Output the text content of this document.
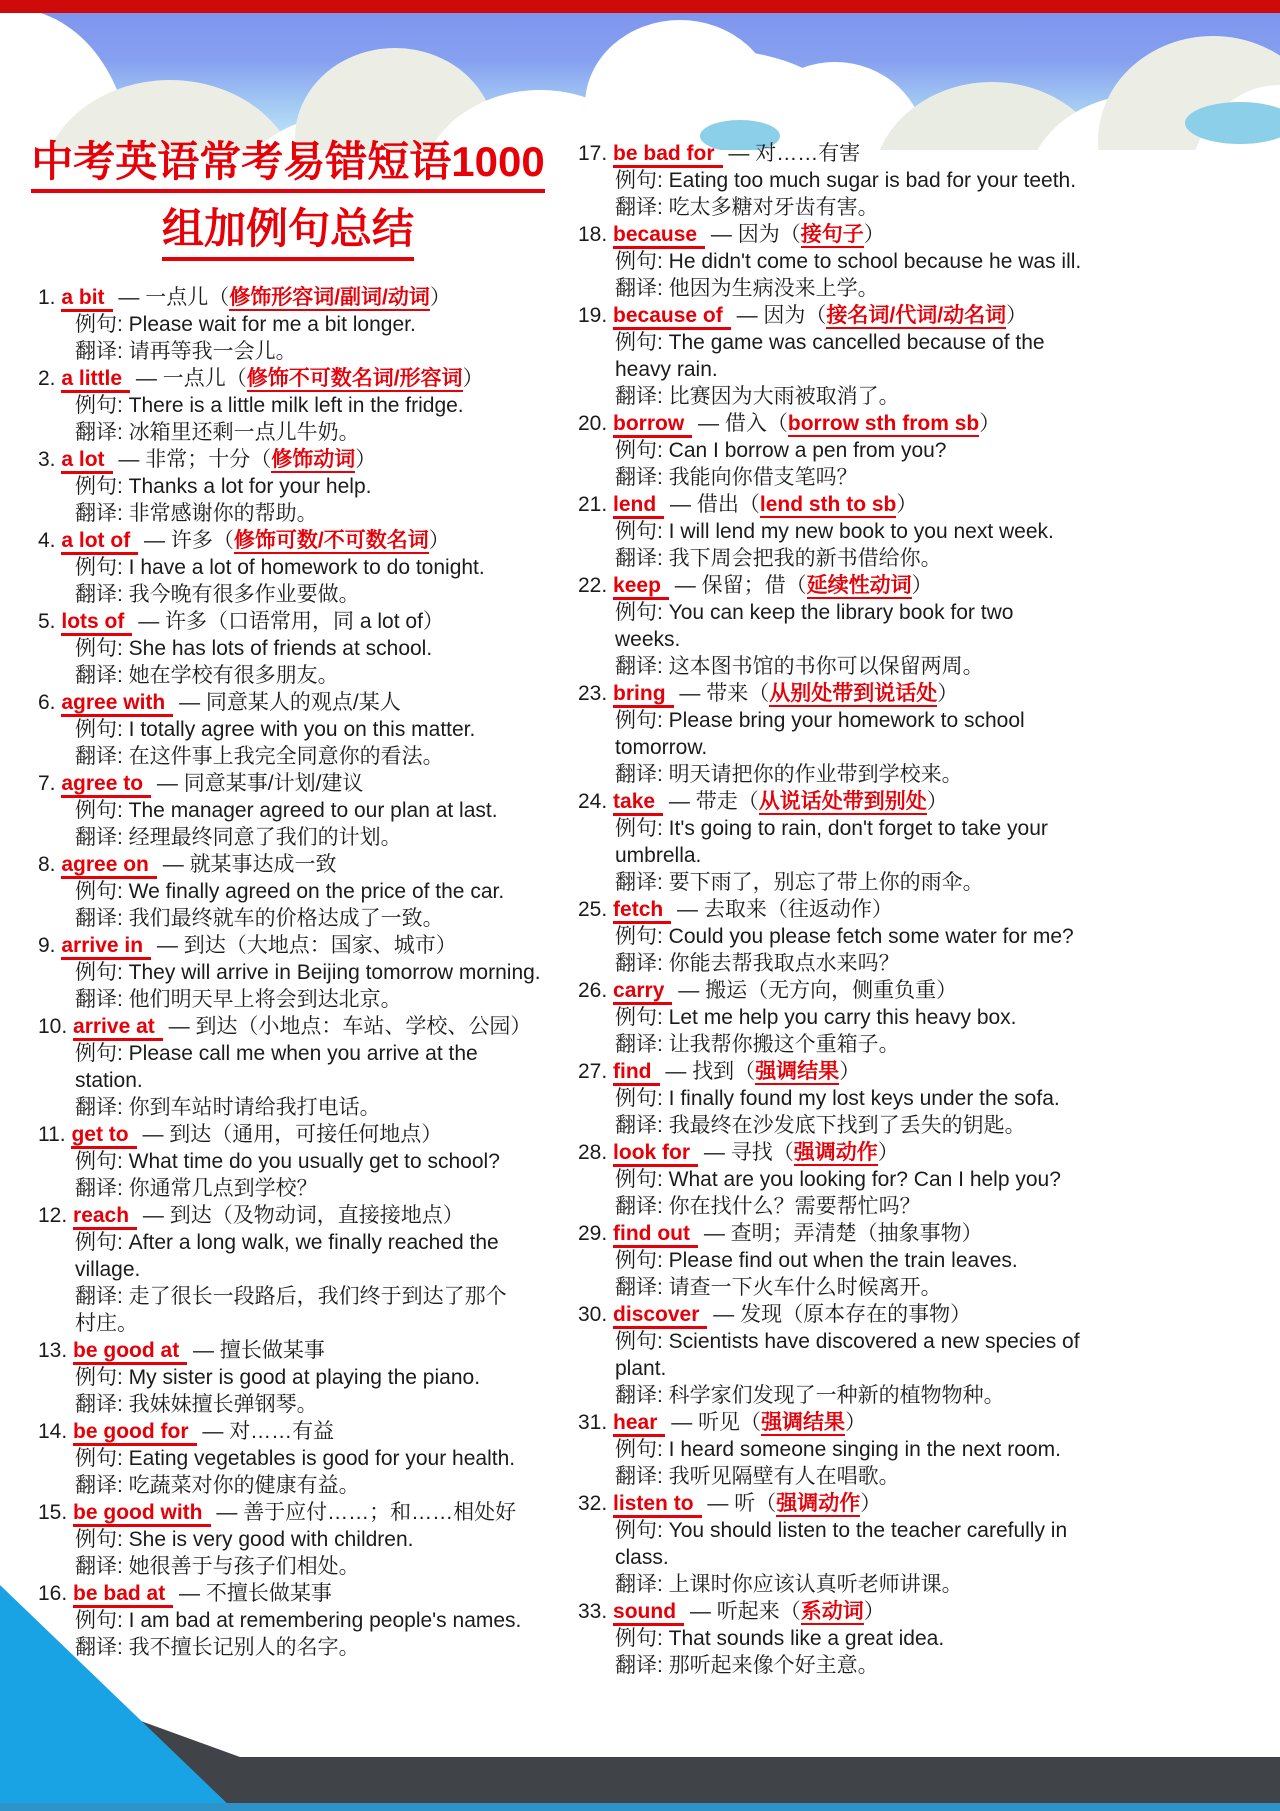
中考英语常考易错短语1000
组加例句总结
1. a bit — 一点儿（修饰形容词/副词/动词）
例句: Please wait for me a bit longer.
翻译: 请再等我一会儿。
2. a little — 一点儿（修饰不可数名词/形容词）
例句: There is a little milk left in the fridge.
翻译: 冰箱里还剩一点儿牛奶。
3. a lot — 非常；十分（修饰动词）
例句: Thanks a lot for your help.
翻译: 非常感谢你的帮助。
4. a lot of — 许多（修饰可数/不可数名词）
例句: I have a lot of homework to do tonight.
翻译: 我今晚有很多作业要做。
5. lots of — 许多（口语常用，同 a lot of）
例句: She has lots of friends at school.
翻译: 她在学校有很多朋友。
6. agree with — 同意某人的观点/某人
例句: I totally agree with you on this matter.
翻译: 在这件事上我完全同意你的看法。
7. agree to — 同意某事/计划/建议
例句: The manager agreed to our plan at last.
翻译: 经理最终同意了我们的计划。
8. agree on — 就某事达成一致
例句: We finally agreed on the price of the car.
翻译: 我们最终就车的价格达成了一致。
9. arrive in — 到达（大地点：国家、城市）
例句: They will arrive in Beijing tomorrow morning.
翻译: 他们明天早上将会到达北京。
10. arrive at — 到达（小地点：车站、学校、公园）
例句: Please call me when you arrive at the
station.
翻译: 你到车站时请给我打电话。
11. get to — 到达（通用，可接任何地点）
例句: What time do you usually get to school?
翻译: 你通常几点到学校？
12. reach — 到达（及物动词，直接接地点）
例句: After a long walk, we finally reached the
village.
翻译: 走了很长一段路后，我们终于到达了那个
村庄。
13. be good at — 擅长做某事
例句: My sister is good at playing the piano.
翻译: 我妹妹擅长弹钢琴。
14. be good for — 对……有益
例句: Eating vegetables is good for your health.
翻译: 吃蔬菜对你的健康有益。
15. be good with — 善于应付……；和……相处好
例句: She is very good with children.
翻译: 她很善于与孩子们相处。
16. be bad at — 不擅长做某事
例句: I am bad at remembering people's names.
翻译: 我不擅长记别人的名字。
17. be bad for — 对……有害
例句: Eating too much sugar is bad for your teeth.
翻译: 吃太多糖对牙齿有害。
18. because — 因为（接句子）
例句: He didn't come to school because he was ill.
翻译: 他因为生病没来上学。
19. because of — 因为（接名词/代词/动名词）
例句: The game was cancelled because of the
heavy rain.
翻译: 比赛因为大雨被取消了。
20. borrow — 借入（borrow sth from sb）
例句: Can I borrow a pen from you?
翻译: 我能向你借支笔吗？
21. lend — 借出（lend sth to sb）
例句: I will lend my new book to you next week.
翻译: 我下周会把我的新书借给你。
22. keep — 保留；借（延续性动词）
例句: You can keep the library book for two
weeks.
翻译: 这本图书馆的书你可以保留两周。
23. bring — 带来（从别处带到说话处）
例句: Please bring your homework to school
tomorrow.
翻译: 明天请把你的作业带到学校来。
24. take — 带走（从说话处带到别处）
例句: It's going to rain, don't forget to take your
umbrella.
翻译: 要下雨了，别忘了带上你的雨伞。
25. fetch — 去取来（往返动作）
例句: Could you please fetch some water for me?
翻译: 你能去帮我取点水来吗？
26. carry — 搬运（无方向，侧重负重）
例句: Let me help you carry this heavy box.
翻译: 让我帮你搬这个重箱子。
27. find — 找到（强调结果）
例句: I finally found my lost keys under the sofa.
翻译: 我最终在沙发底下找到了丢失的钥匙。
28. look for — 寻找（强调动作）
例句: What are you looking for? Can I help you?
翻译: 你在找什么？需要帮忙吗？
29. find out — 查明；弄清楚（抽象事物）
例句: Please find out when the train leaves.
翻译: 请查一下火车什么时候离开。
30. discover — 发现（原本存在的事物）
例句: Scientists have discovered a new species of
plant.
翻译: 科学家们发现了一种新的植物物种。
31. hear — 听见（强调结果）
例句: I heard someone singing in the next room.
翻译: 我听见隔壁有人在唱歌。
32. listen to — 听（强调动作）
例句: You should listen to the teacher carefully in
class.
翻译: 上课时你应该认真听老师讲课。
33. sound — 听起来（系动词）
例句: That sounds like a great idea.
翻译: 那听起来像个好主意。
